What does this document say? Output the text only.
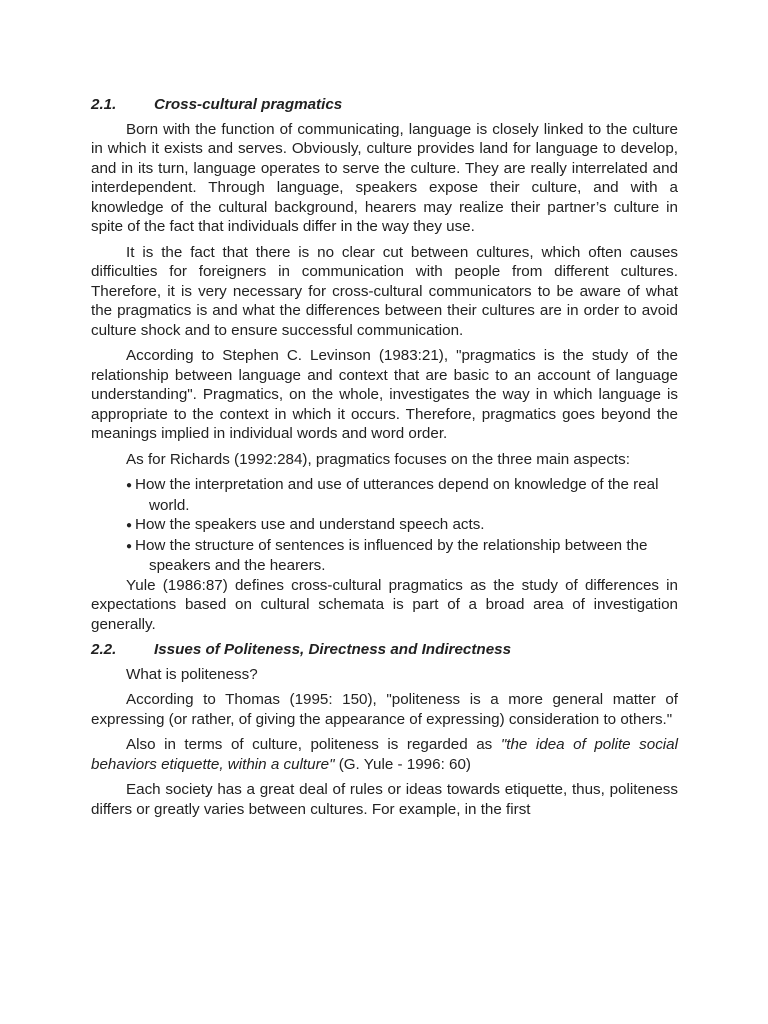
2.1.	Cross-cultural pragmatics

Born with the function of communicating, language is closely linked to the culture in which it exists and serves. Obviously, culture provides land for language to develop, and in its turn, language operates to serve the culture. They are really interrelated and interdependent. Through language, speakers expose their culture, and with a knowledge of the cultural background, hearers may realize their partner’s culture in spite of the fact that individuals differ in the way they use.

It is the fact that there is no clear cut between cultures, which often causes difficulties for foreigners in communication with people from different cultures. Therefore, it is very necessary for cross-cultural communicators to be aware of what the pragmatics is and what the differences between their cultures are in order to avoid culture shock and to ensure successful communication.

According to Stephen C. Levinson (1983:21), "pragmatics is the study of the relationship between language and context that are basic to an account of language understanding". Pragmatics, on the whole, investigates the way in which language is appropriate to the context in which it occurs. Therefore, pragmatics goes beyond the meanings implied in individual words and word order.

As for Richards (1992:284), pragmatics focuses on the three main aspects:

● How the interpretation and use of utterances depend on knowledge of the real world.
● How the speakers use and understand speech acts.
● How the structure of sentences is influenced by the relationship between the speakers and the hearers.

Yule (1986:87) defines cross-cultural pragmatics as the study of differences in expectations based on cultural schemata is part of a broad area of investigation generally.

2.2.	Issues of Politeness, Directness and Indirectness

What is politeness?

According to Thomas (1995: 150), "politeness is a more general matter of expressing (or rather, of giving the appearance of expressing) consideration to others."

Also in terms of culture, politeness is regarded as "the idea of polite social behaviors etiquette, within a culture" (G. Yule - 1996: 60)

Each society has a great deal of rules or ideas towards etiquette, thus, politeness differs or greatly varies between cultures. For example, in the first
